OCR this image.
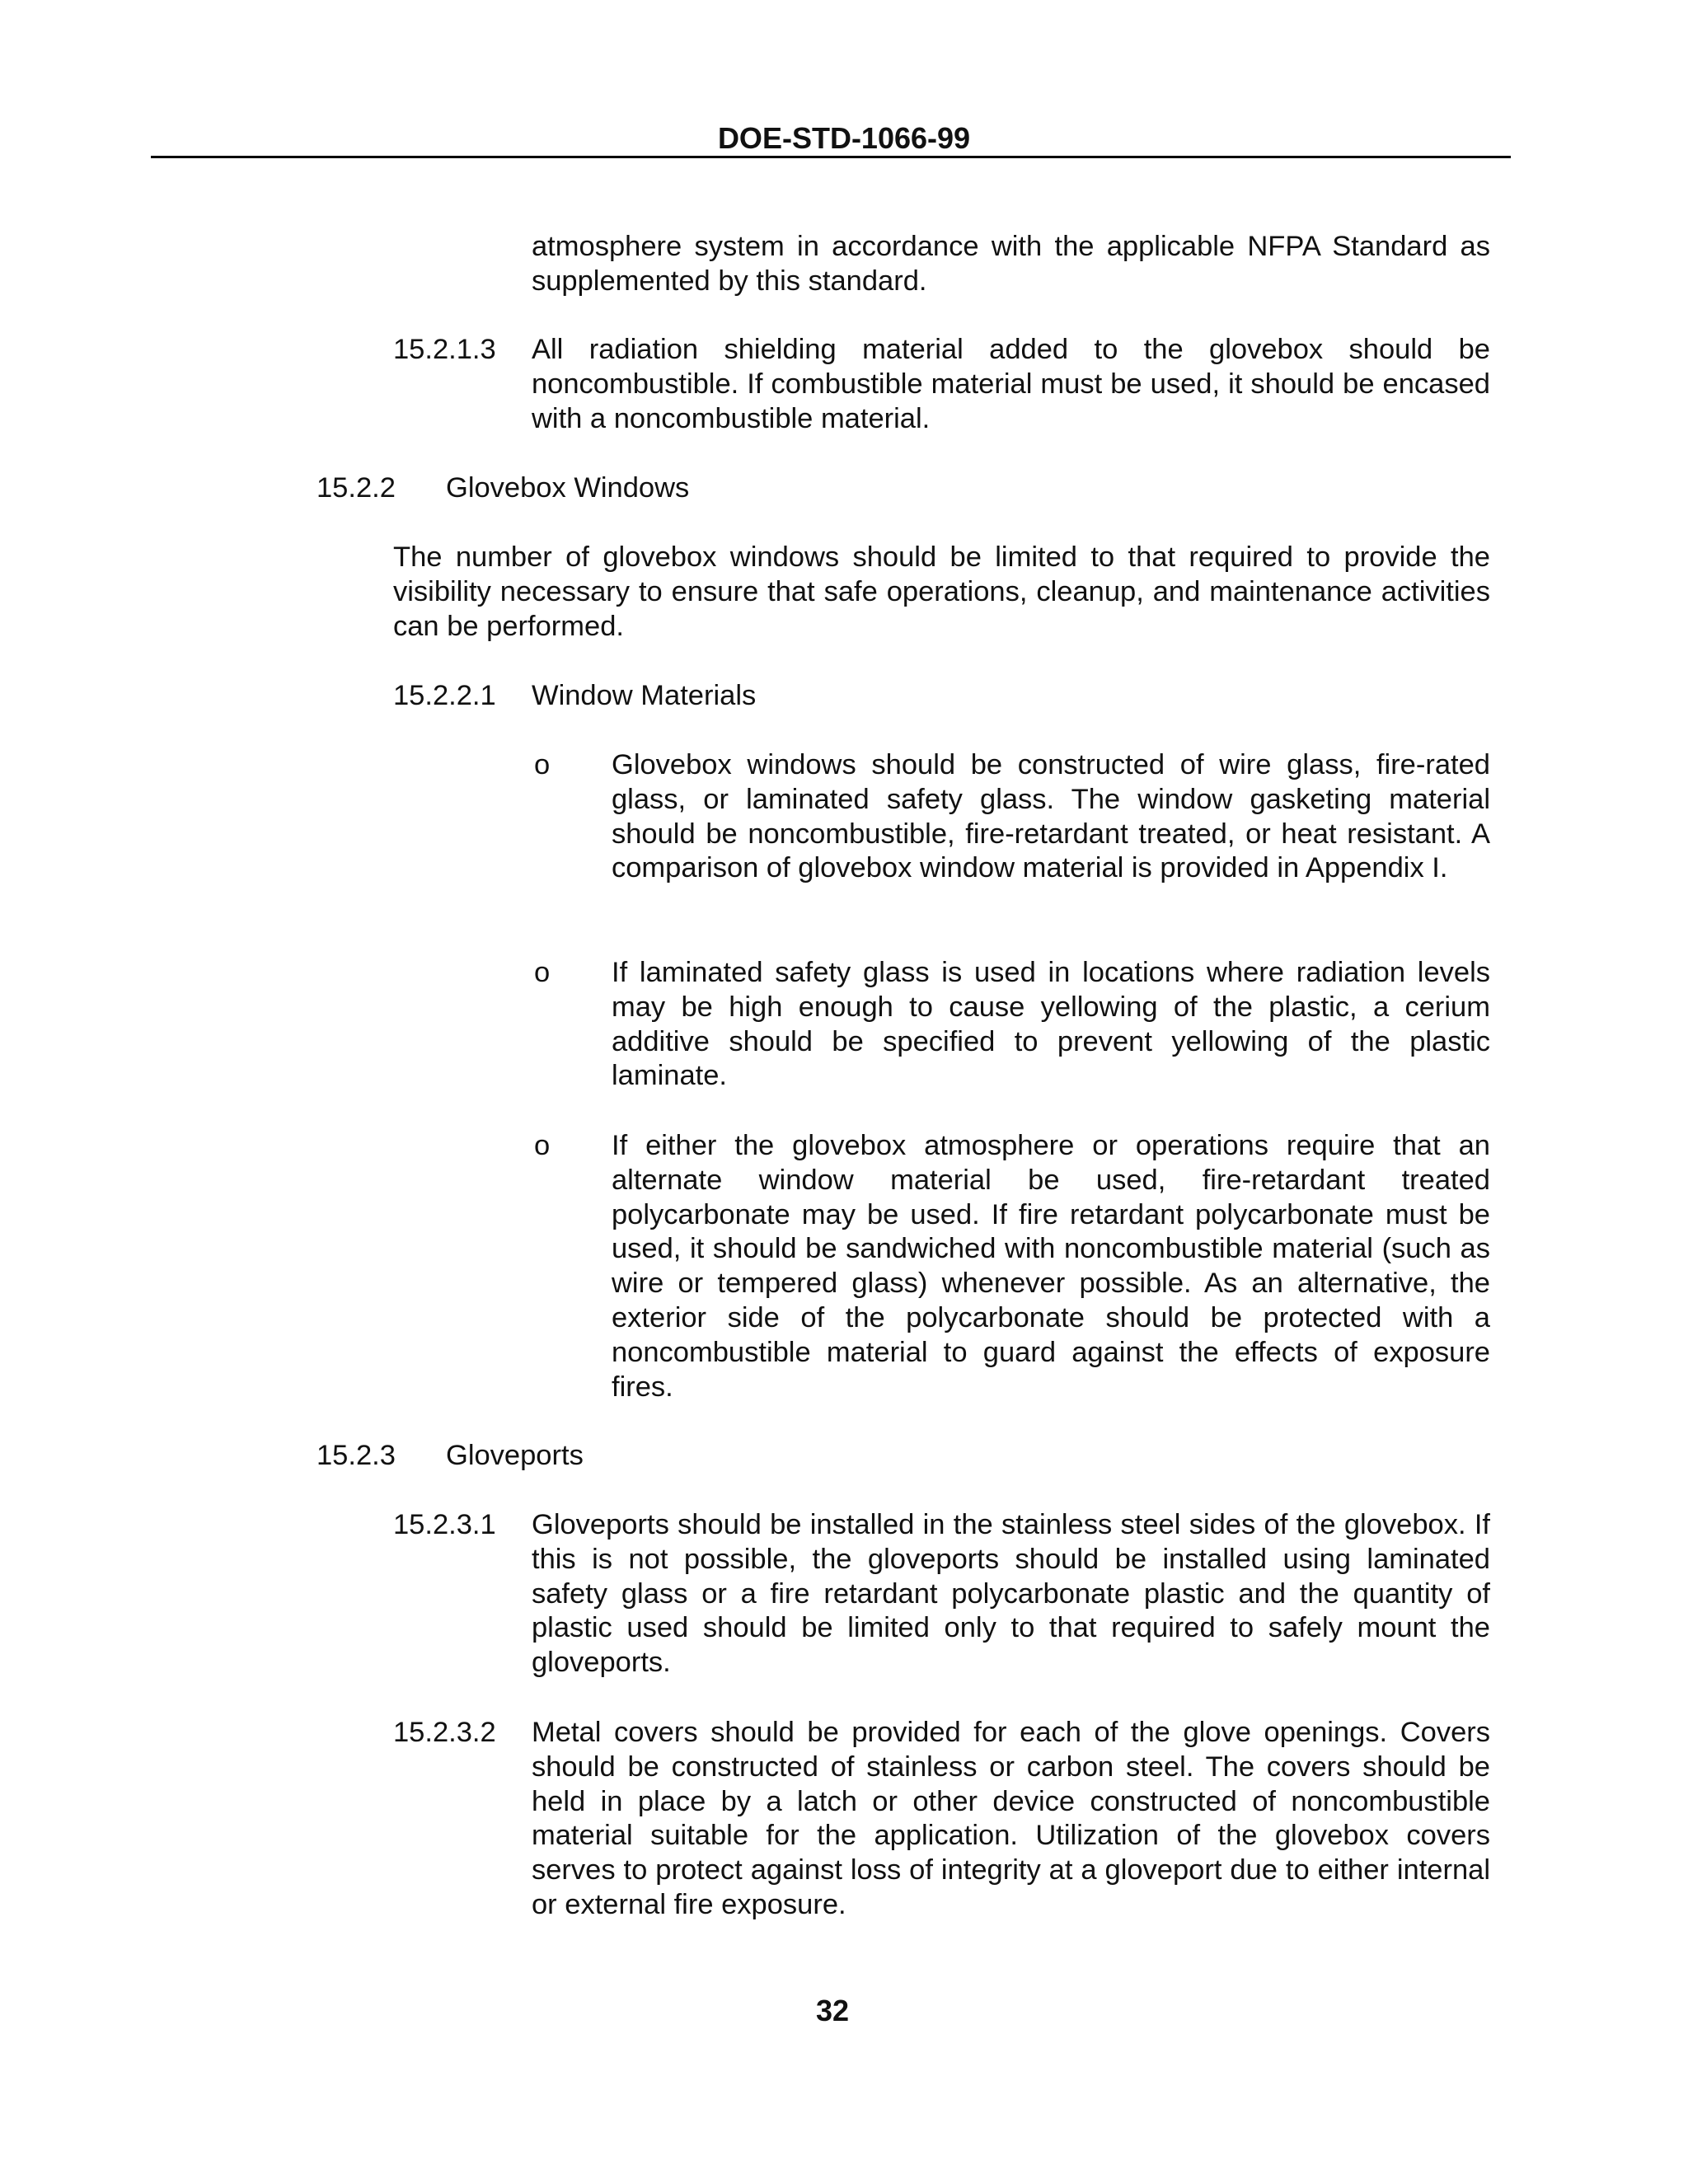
DOE-STD-1066-99

atmosphere system in accordance with the applicable NFPA Standard as supplemented by this standard.

15.2.1.3 All radiation shielding material added to the glovebox should be noncombustible. If combustible material must be used, it should be encased with a noncombustible material.

15.2.2 Glovebox Windows

The number of glovebox windows should be limited to that required to provide the visibility necessary to ensure that safe operations, cleanup, and maintenance activities can be performed.

15.2.2.1 Window Materials
o Glovebox windows should be constructed of wire glass, fire-rated glass, or laminated safety glass. The window gasketing material should be noncombustible, fire-retardant treated, or heat resistant. A comparison of glovebox window material is provided in Appendix I.

o If laminated safety glass is used in locations where radiation levels may be high enough to cause yellowing of the plastic, a cerium additive should be specified to prevent yellowing of the plastic laminate.

o If either the glovebox atmosphere or operations require that an alternate window material be used, fire-retardant treated polycarbonate may be used. If fire retardant polycarbonate must be used, it should be sandwiched with noncombustible material (such as wire or tempered glass) whenever possible. As an alternative, the exterior side of the polycarbonate should be protected with a noncombustible material to guard against the effects of exposure fires.

15.2.3 Gloveports
15.2.3.1 Gloveports should be installed in the stainless steel sides of the glovebox. If this is not possible, the gloveports should be installed using laminated safety glass or a fire retardant polycarbonate plastic and the quantity of plastic used should be limited only to that required to safely mount the gloveports.

15.2.3.2 Metal covers should be provided for each of the glove openings. Covers should be constructed of stainless or carbon steel. The covers should be held in place by a latch or other device constructed of noncombustible material suitable for the application. Utilization of the glovebox covers serves to protect against loss of integrity at a gloveport due to either internal or external fire exposure.

32
